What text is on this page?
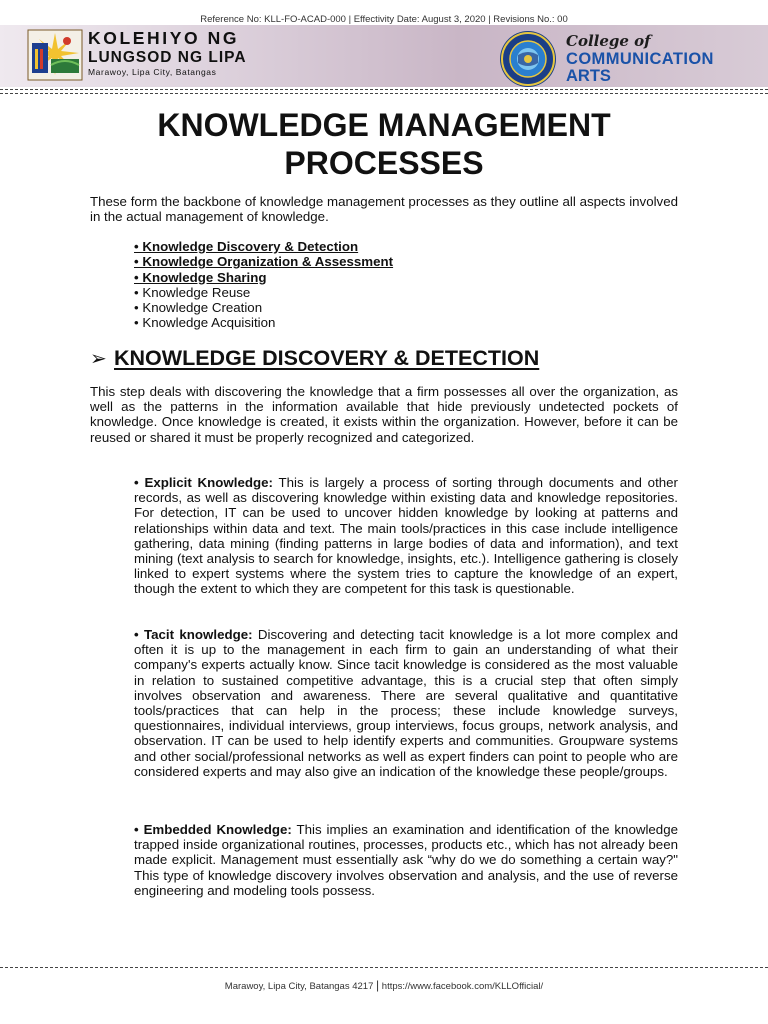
Reference No: KLL-FO-ACAD-000 | Effectivity Date: August 3, 2020 | Revisions No.: 00
KOLEHIYO NG
LUNGSOD NG LIPA
Marawoy, Lipa City, Batangas
College of
COMMUNICATION
ARTS
KNOWLEDGE MANAGEMENT
PROCESSES
These form the backbone of knowledge management processes as they outline all aspects involved in the actual management of knowledge.
• Knowledge Discovery & Detection
• Knowledge Organization & Assessment
• Knowledge Sharing
• Knowledge Reuse
• Knowledge Creation
• Knowledge Acquisition
➢ KNOWLEDGE DISCOVERY & DETECTION
This step deals with discovering the knowledge that a firm possesses all over the organization, as well as the patterns in the information available that hide previously undetected pockets of knowledge. Once knowledge is created, it exists within the organization. However, before it can be reused or shared it must be properly recognized and categorized.
• Explicit Knowledge: This is largely a process of sorting through documents and other records, as well as discovering knowledge within existing data and knowledge repositories. For detection, IT can be used to uncover hidden knowledge by looking at patterns and relationships within data and text. The main tools/practices in this case include intelligence gathering, data mining (finding patterns in large bodies of data and information), and text mining (text analysis to search for knowledge, insights, etc.). Intelligence gathering is closely linked to expert systems where the system tries to capture the knowledge of an expert, though the extent to which they are competent for this task is questionable.
• Tacit knowledge: Discovering and detecting tacit knowledge is a lot more complex and often it is up to the management in each firm to gain an understanding of what their company's experts actually know. Since tacit knowledge is considered as the most valuable in relation to sustained competitive advantage, this is a crucial step that often simply involves observation and awareness. There are several qualitative and quantitative tools/practices that can help in the process; these include knowledge surveys, questionnaires, individual interviews, group interviews, focus groups, network analysis, and observation. IT can be used to help identify experts and communities. Groupware systems and other social/professional networks as well as expert finders can point to people who are considered experts and may also give an indication of the knowledge these people/groups.
• Embedded Knowledge: This implies an examination and identification of the knowledge trapped inside organizational routines, processes, products etc., which has not already been made explicit. Management must essentially ask “why do we do something a certain way?" This type of knowledge discovery involves observation and analysis, and the use of reverse engineering and modeling tools possess.
Marawoy, Lipa City, Batangas 4217 | https://www.facebook.com/KLLOfficial/
